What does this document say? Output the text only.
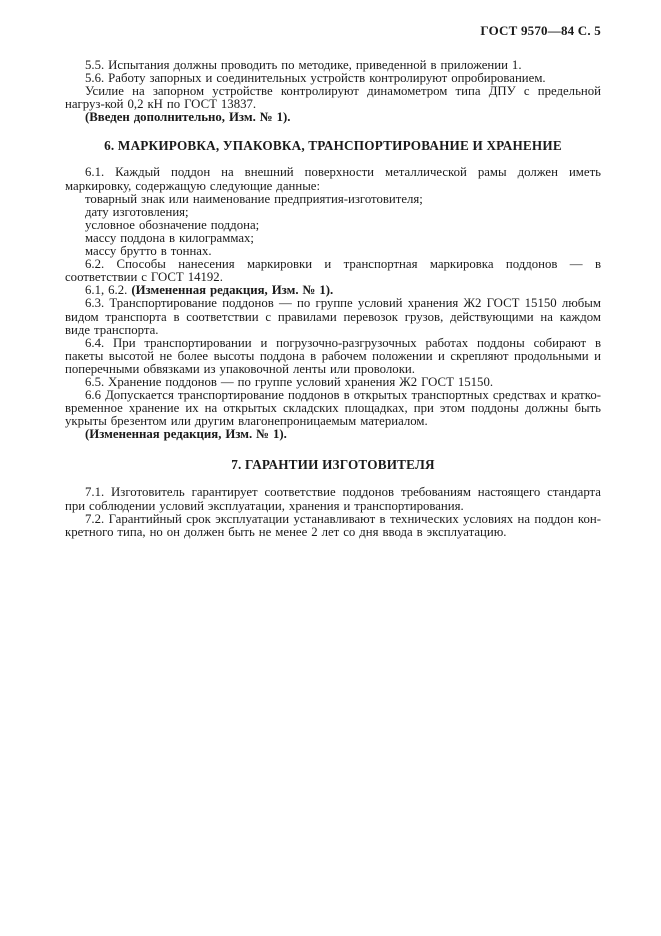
ГОСТ 9570—84 С. 5

5.5. Испытания должны проводить по методике, приведенной в приложении 1.

5.6. Работу запорных и соединительных устройств контролируют опробированием.

Усилие на запорном устройстве контролируют динамометром типа ДПУ с предельной нагруз-кой 0,2 кН по ГОСТ 13837.

(Введен дополнительно, Изм. № 1).

6. МАРКИРОВКА, УПАКОВКА, ТРАНСПОРТИРОВАНИЕ И ХРАНЕНИЕ

6.1. Каждый поддон на внешний поверхности металлической рамы должен иметь маркировку, содержащую следующие данные:

товарный знак или наименование предприятия-изготовителя;

дату изготовления;

условное обозначение поддона;

массу поддона в килограммах;

массу брутто в тоннах.

6.2. Способы нанесения маркировки и транспортная маркировка поддонов — в соответствии с ГОСТ 14192.

6.1, 6.2. (Измененная редакция, Изм. № 1).

6.3. Транспортирование поддонов — по группе условий хранения Ж2 ГОСТ 15150 любым видом транспорта в соответствии с правилами перевозок грузов, действующими на каждом виде транспорта.

6.4. При транспортировании и погрузочно-разгрузочных работах поддоны собирают в пакеты высотой не более высоты поддона в рабочем положении и скрепляют продольными и поперечными обвязками из упаковочной ленты или проволоки.

6.5. Хранение поддонов — по группе условий хранения Ж2 ГОСТ 15150.

6.6 Допускается транспортирование поддонов в открытых транспортных средствах и кратко-временное хранение их на открытых складских площадках, при этом поддоны должны быть укрыты брезентом или другим влагонепроницаемым материалом.

(Измененная редакция, Изм. № 1).

7. ГАРАНТИИ ИЗГОТОВИТЕЛЯ

7.1. Изготовитель гарантирует соответствие поддонов требованиям настоящего стандарта при соблюдении условий эксплуатации, хранения и транспортирования.

7.2. Гарантийный срок эксплуатации устанавливают в технических условиях на поддон кон-кретного типа, но он должен быть не менее 2 лет со дня ввода в эксплуатацию.
